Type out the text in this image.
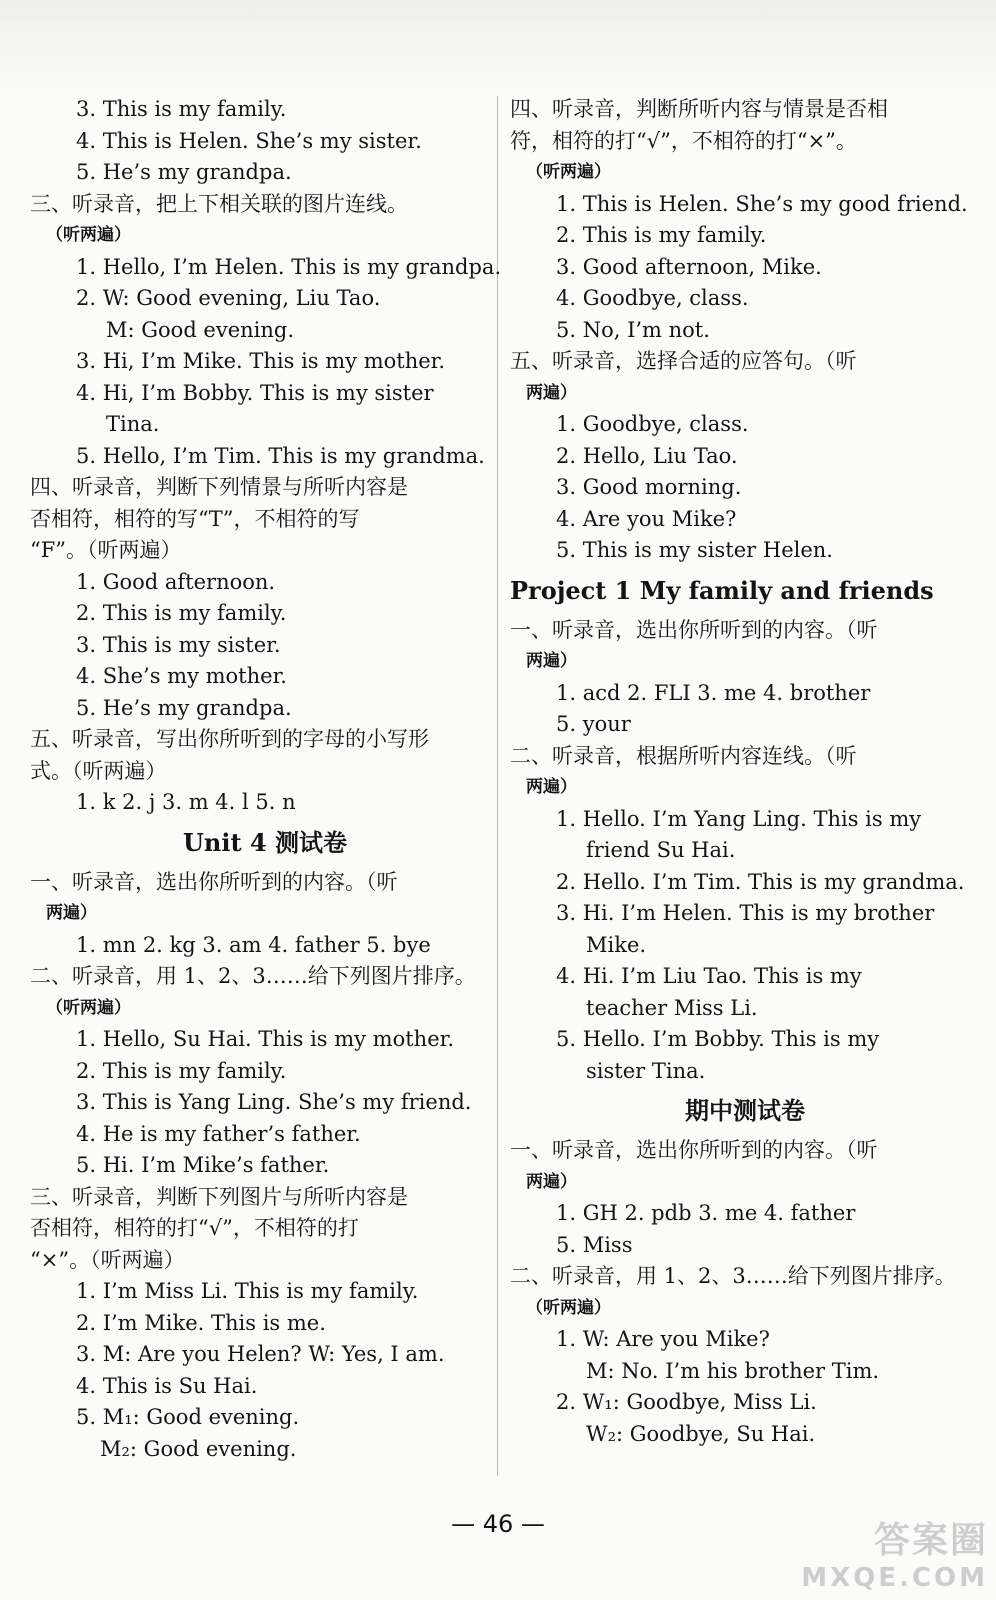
3. This is my family.
4. This is Helen. She’s my sister.
5. He’s my grandpa.
三、听录音，把上下相关联的图片连线。
（听两遍）
1. Hello, I’m Helen. This is my grandpa.
2. W: Good evening, Liu Tao.
M: Good evening.
3. Hi, I’m Mike. This is my mother.
4. Hi, I’m Bobby. This is my sister
Tina.
5. Hello, I’m Tim. This is my grandma.
四、听录音，判断下列情景与所听内容是
否相符，相符的写“T”，不相符的写
“F”。（听两遍）
1. Good afternoon.
2. This is my family.
3. This is my sister.
4. She’s my mother.
5. He’s my grandpa.
五、听录音，写出你所听到的字母的小写形
式。（听两遍）
1. k 2. j 3. m 4. l 5. n
Unit 4 测试卷
一、听录音，选出你所听到的内容。（听
两遍）
1. mn 2. kg 3. am 4. father 5. bye
二、听录音，用 1、2、3……给下列图片排序。
（听两遍）
1. Hello, Su Hai. This is my mother.
2. This is my family.
3. This is Yang Ling. She’s my friend.
4. He is my father’s father.
5. Hi. I’m Mike’s father.
三、听录音，判断下列图片与所听内容是
否相符，相符的打“√”，不相符的打
“×”。（听两遍）
1. I’m Miss Li. This is my family.
2. I’m Mike. This is me.
3. M: Are you Helen? W: Yes, I am.
4. This is Su Hai.
5. M₁: Good evening.
M₂: Good evening.
四、听录音，判断所听内容与情景是否相
符，相符的打“√”，不相符的打“×”。
（听两遍）
1. This is Helen. She’s my good friend.
2. This is my family.
3. Good afternoon, Mike.
4. Goodbye, class.
5. No, I’m not.
五、听录音，选择合适的应答句。（听
两遍）
1. Goodbye, class.
2. Hello, Liu Tao.
3. Good morning.
4. Are you Mike?
5. This is my sister Helen.
Project 1 My family and friends
一、听录音，选出你所听到的内容。（听
两遍）
1. acd 2. FLI 3. me 4. brother
5. your
二、听录音，根据所听内容连线。（听
两遍）
1. Hello. I’m Yang Ling. This is my
friend Su Hai.
2. Hello. I’m Tim. This is my grandma.
3. Hi. I’m Helen. This is my brother
Mike.
4. Hi. I’m Liu Tao. This is my
teacher Miss Li.
5. Hello. I’m Bobby. This is my
sister Tina.
期中测试卷
一、听录音，选出你所听到的内容。（听
两遍）
1. GH 2. pdb 3. me 4. father
5. Miss
二、听录音，用 1、2、3……给下列图片排序。
（听两遍）
1. W: Are you Mike?
M: No. I’m his brother Tim.
2. W₁: Goodbye, Miss Li.
W₂: Goodbye, Su Hai.
— 46 —	答案圈
MXQE.COM
